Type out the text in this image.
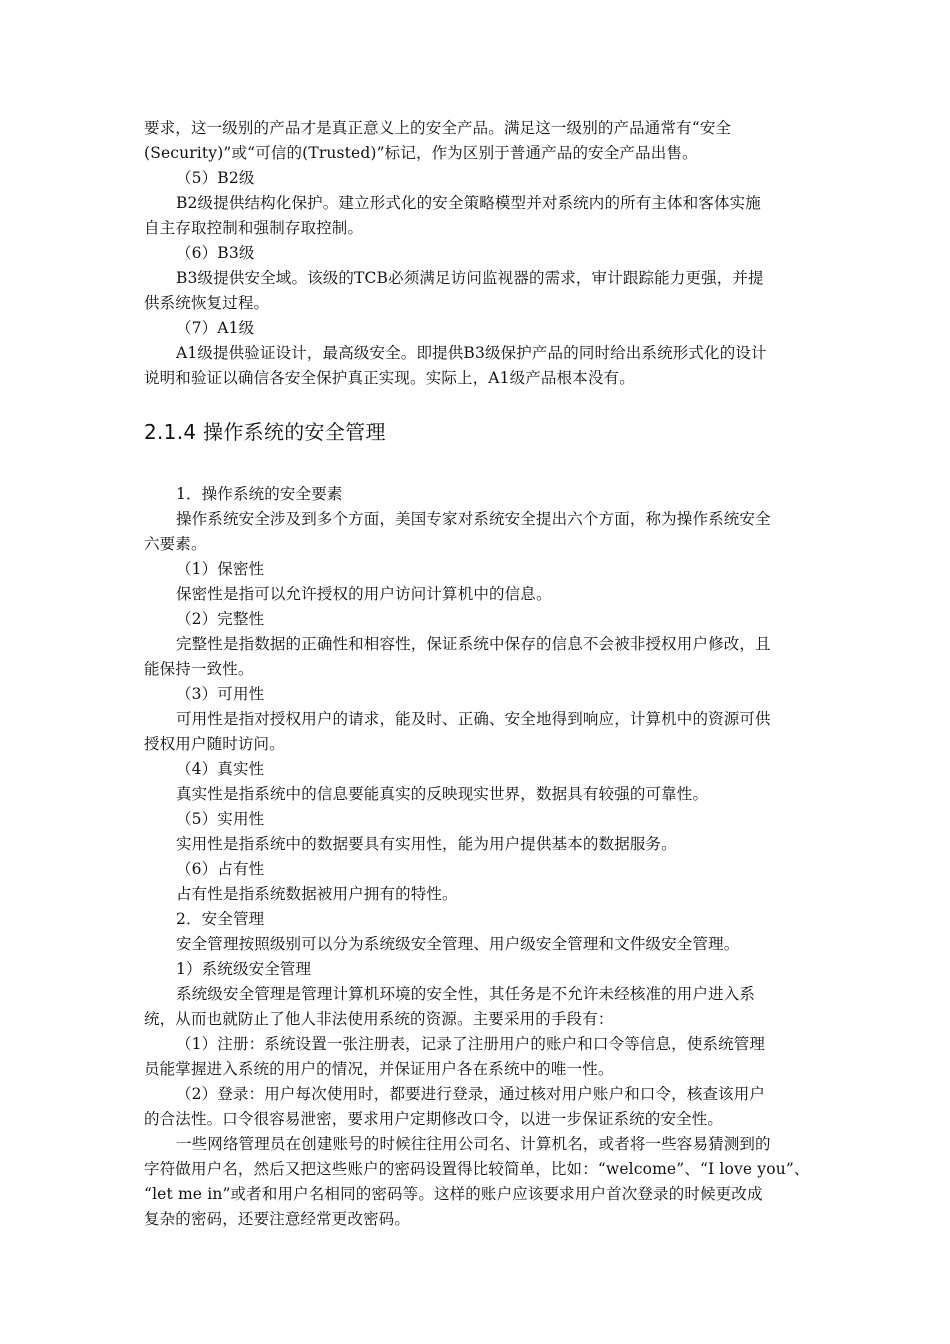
要求，这一级别的产品才是真正意义上的安全产品。满足这一级别的产品通常有“安全
(Security)”或“可信的(Trusted)”标记，作为区别于普通产品的安全产品出售。
（5）B2级
B2级提供结构化保护。建立形式化的安全策略模型并对系统内的所有主体和客体实施
自主存取控制和强制存取控制。
（6）B3级
B3级提供安全域。该级的TCB必须满足访问监视器的需求，审计跟踪能力更强，并提
供系统恢复过程。
（7）A1级
A1级提供验证设计，最高级安全。即提供B3级保护产品的同时给出系统形式化的设计
说明和验证以确信各安全保护真正实现。实际上，A1级产品根本没有。
2.1.4 操作系统的安全管理
1．操作系统的安全要素
操作系统安全涉及到多个方面，美国专家对系统安全提出六个方面，称为操作系统安全
六要素。
（1）保密性
保密性是指可以允许授权的用户访问计算机中的信息。
（2）完整性
完整性是指数据的正确性和相容性，保证系统中保存的信息不会被非授权用户修改，且
能保持一致性。
（3）可用性
可用性是指对授权用户的请求，能及时、正确、安全地得到响应，计算机中的资源可供
授权用户随时访问。
（4）真实性
真实性是指系统中的信息要能真实的反映现实世界，数据具有较强的可靠性。
（5）实用性
实用性是指系统中的数据要具有实用性，能为用户提供基本的数据服务。
（6）占有性
占有性是指系统数据被用户拥有的特性。
2．安全管理
安全管理按照级别可以分为系统级安全管理、用户级安全管理和文件级安全管理。
1）系统级安全管理
系统级安全管理是管理计算机环境的安全性，其任务是不允许未经核准的用户进入系
统，从而也就防止了他人非法使用系统的资源。主要采用的手段有：
（1）注册：系统设置一张注册表，记录了注册用户的账户和口令等信息，使系统管理
员能掌握进入系统的用户的情况，并保证用户各在系统中的唯一性。
（2）登录：用户每次使用时，都要进行登录，通过核对用户账户和口令，核查该用户
的合法性。口令很容易泄密，要求用户定期修改口令，以进一步保证系统的安全性。
一些网络管理员在创建账号的时候往往用公司名、计算机名，或者将一些容易猜测到的
字符做用户名，然后又把这些账户的密码设置得比较简单，比如：“welcome”、“I love you”、
“let me in”或者和用户名相同的密码等。这样的账户应该要求用户首次登录的时候更改成
复杂的密码，还要注意经常更改密码。
